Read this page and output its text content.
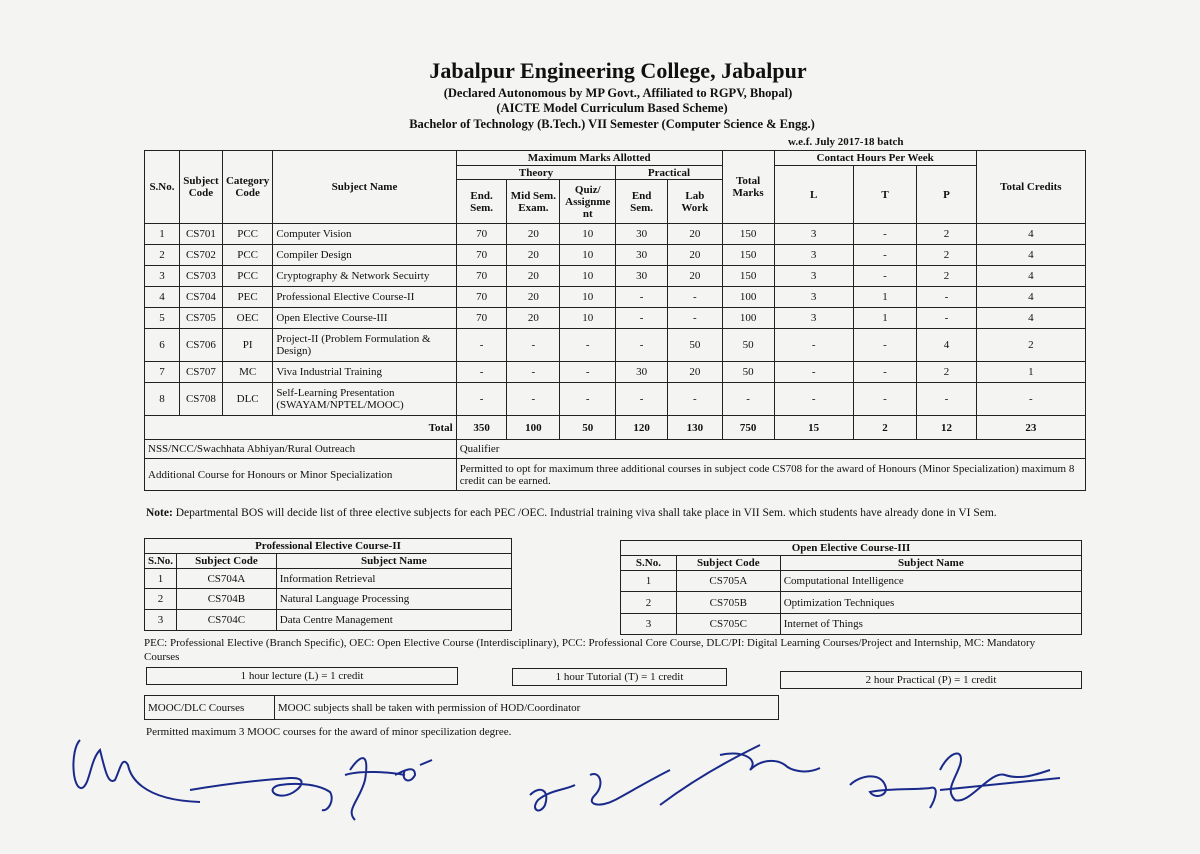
Jabalpur Engineering College, Jabalpur
(Declared Autonomous by MP Govt., Affiliated to RGPV, Bhopal)
(AICTE Model Curriculum Based Scheme)
Bachelor of Technology (B.Tech.) VII Semester (Computer Science & Engg.)
w.e.f. July 2017-18 batch
S.No.	Subject Code	Category Code	Subject Name	Maximum Marks Allotted					Total Marks	Contact Hours Per Week			Total Credits
				Theory			Practical			L	T	P	
				End. Sem.	Mid Sem. Exam.	Quiz/ Assignme nt	End Sem.	Lab Work					
1	CS701	PCC	Computer Vision	70	20	10	30	20	150	3	-	2	4
2	CS702	PCC	Compiler Design	70	20	10	30	20	150	3	-	2	4
3	CS703	PCC	Cryptography & Network Secuirty	70	20	10	30	20	150	3	-	2	4
4	CS704	PEC	Professional Elective Course-II	70	20	10	-	-	100	3	1	-	4
5	CS705	OEC	Open Elective Course-III	70	20	10	-	-	100	3	1	-	4
6	CS706	PI	Project-II (Problem Formulation & Design)	-	-	-	-	50	50	-	-	4	2
7	CS707	MC	Viva Industrial Training	-	-	-	30	20	50	-	-	2	1
8	CS708	DLC	Self-Learning Presentation (SWAYAM/NPTEL/MOOC)	-	-	-	-	-	-	-	-	-	-
Total				350	100	50	120	130	750	15	2	12	23
NSS/NCC/Swachhata Abhiyan/Rural Outreach				Qualifier									
Additional Course for Honours or Minor Specialization				Permitted to opt for maximum three additional courses in subject code CS708 for the award of Honours (Minor Specialization) maximum 8 credit can be earned.									
Note: Departmental BOS will decide list of three elective subjects for each PEC /OEC. Industrial training viva shall take place in VII Sem. which students have already done in VI Sem.
Professional Elective Course-II		
S.No.	Subject Code	Subject Name
1	CS704A	Information Retrieval
2	CS704B	Natural Language Processing
3	CS704C	Data Centre Management
Open Elective Course-III		
S.No.	Subject Code	Subject Name
1	CS705A	Computational Intelligence
2	CS705B	Optimization Techniques
3	CS705C	Internet of Things
PEC: Professional Elective (Branch Specific), OEC: Open Elective Course (Interdisciplinary), PCC: Professional Core Course, DLC/PI: Digital Learning Courses/Project and Internship, MC: Mandatory Courses
1 hour lecture (L) = 1 credit	1 hour Tutorial (T) = 1 credit	2 hour Practical (P) = 1 credit
MOOC/DLC Courses	MOOC subjects shall be taken with permission of HOD/Coordinator
Permitted maximum 3 MOOC courses for the award of minor specilization degree.
